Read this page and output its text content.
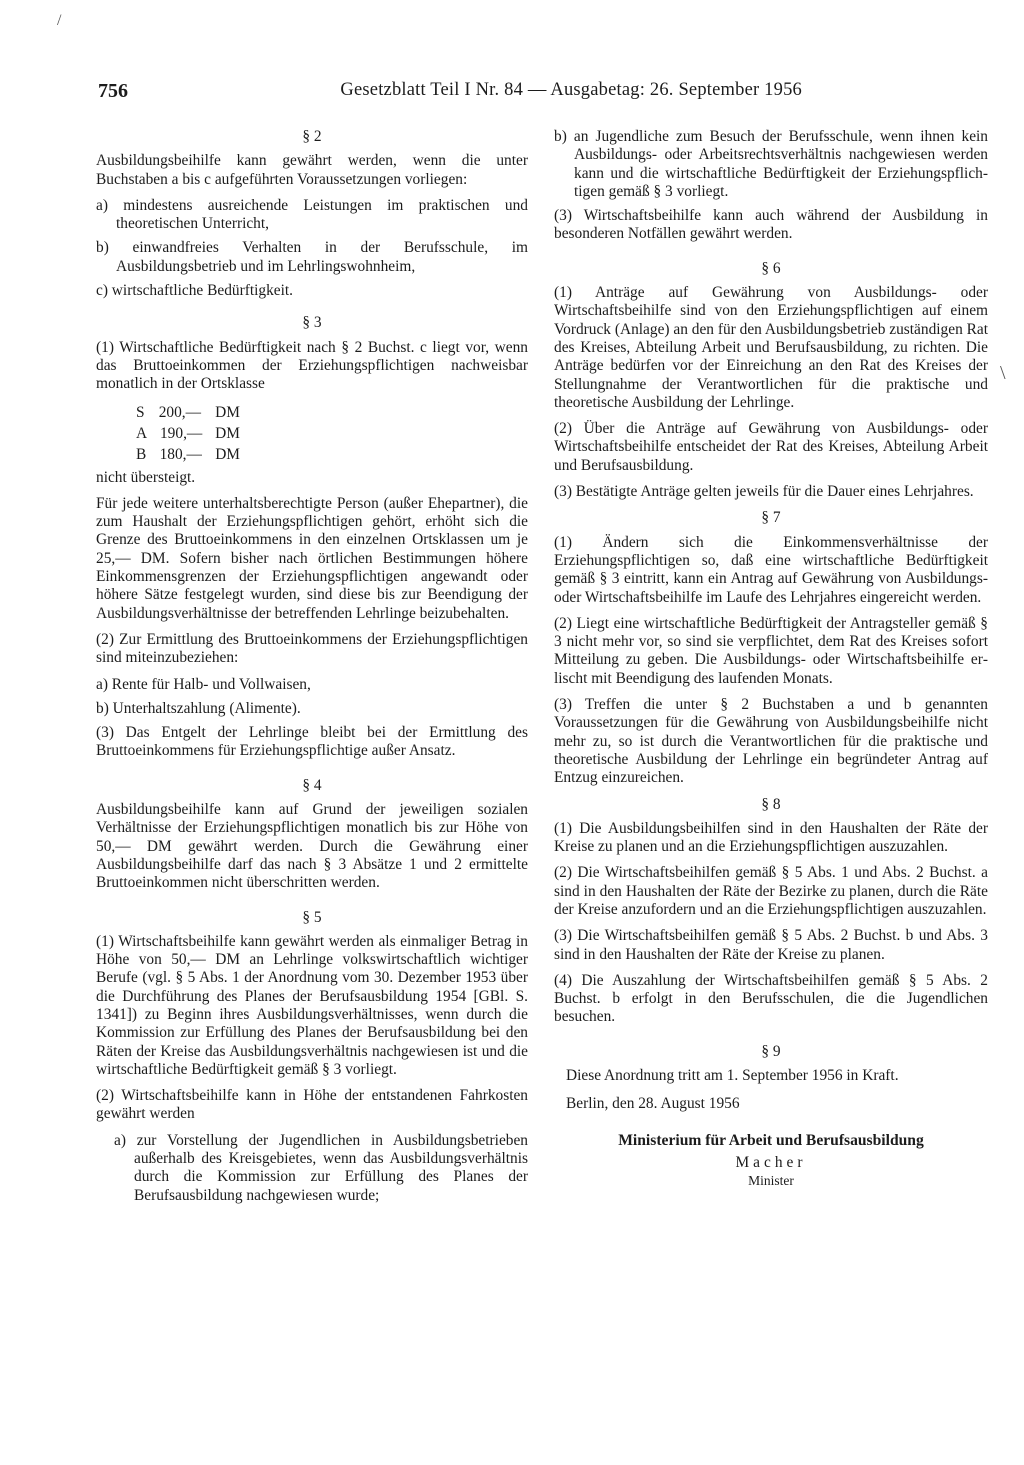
756	Gesetzblatt Teil I Nr. 84 — Ausgabetag: 26. September 1956
/
\
§ 2

Ausbildungsbeihilfe kann gewährt werden, wenn die unter Buchstaben a bis c aufgeführten Voraussetzungen vorliegen:

a) mindestens ausreichende Leistungen im praktischen und theoretischen Unterricht,
b) einwandfreies Verhalten in der Berufsschule, im Ausbildungsbetrieb und im Lehrlingswohnheim,
c) wirtschaftliche Bedürftigkeit.
§ 3

(1) Wirtschaftliche Bedürftigkeit nach § 2 Buchst. c liegt vor, wenn das Bruttoeinkommen der Erziehungspflichtigen nachweisbar monatlich in der Ortsklasse

S 200,— DM
A 190,— DM
B 180,— DM

nicht übersteigt.

Für jede weitere unterhaltsberechtigte Person (außer Ehepartner), die zum Haushalt der Erziehungspflichtigen gehört, erhöht sich die Grenze des Bruttoeinkommens in den einzelnen Ortsklassen um je 25,— DM. Sofern bisher nach örtlichen Bestimmungen höhere Einkommensgrenzen der Erziehungspflichtigen angewandt oder höhere Sätze festgelegt wurden, sind diese bis zur Beendigung der Ausbildungsverhältnisse der betreffenden Lehrlinge beizubehalten.

(2) Zur Ermittlung des Bruttoeinkommens der Erziehungspflichtigen sind miteinzubeziehen:

a) Rente für Halb- und Vollwaisen,
b) Unterhaltszahlung (Alimente).

(3) Das Entgelt der Lehrlinge bleibt bei der Ermittlung des Bruttoeinkommens für Erziehungspflichtige außer Ansatz.

§ 4

Ausbildungsbeihilfe kann auf Grund der jeweiligen sozialen Verhältnisse der Erziehungspflichtigen monatlich bis zur Höhe von 50,— DM gewährt werden. Durch die Gewährung einer Ausbildungsbeihilfe darf das nach § 3 Absätze 1 und 2 ermittelte Bruttoeinkommen nicht überschritten werden.

§ 5

(1) Wirtschaftsbeihilfe kann gewährt werden als einmaliger Betrag in Höhe von 50,— DM an Lehrlinge volkswirtschaftlich wichtiger Berufe (vgl. § 5 Abs. 1 der Anordnung vom 30. Dezember 1953 über die Durchführung des Planes der Berufsausbildung 1954 [GBl. S. 1341]) zu Beginn ihres Ausbildungsverhältnisses, wenn durch die Kommission zur Erfüllung des Planes der Berufsausbildung bei den Räten der Kreise das Ausbildungsverhältnis nachgewiesen ist und die wirtschaftliche Bedürftigkeit gemäß § 3 vorliegt.

(2) Wirtschaftsbeihilfe kann in Höhe der entstandenen Fahrkosten gewährt werden

a) zur Vorstellung der Jugendlichen in Ausbildungsbetrieben außerhalb des Kreisgebietes, wenn das Ausbildungsverhältnis durch die Kommission zur Erfüllung des Planes der Berufsausbildung nachgewiesen wurde;
b) an Jugendliche zum Besuch der Berufsschule, wenn ihnen kein Ausbildungs- oder Arbeitsrechtsverhältnis nachgewiesen werden kann und die wirtschaftliche Bedürftigkeit der Erziehungspflichtigen gemäß § 3 vorliegt.

(3) Wirtschaftsbeihilfe kann auch während der Ausbildung in besonderen Notfällen gewährt werden.

§ 6

(1) Anträge auf Gewährung von Ausbildungs- oder Wirtschaftsbeihilfe sind von den Erziehungspflichtigen auf einem Vordruck (Anlage) an den für den Ausbildungsbetrieb zuständigen Rat des Kreises, Abteilung Arbeit und Berufsausbildung, zu richten. Die Anträge bedürfen vor der Einreichung an den Rat des Kreises der Stellungnahme der Verantwortlichen für die praktische und theoretische Ausbildung der Lehrlinge.

(2) Über die Anträge auf Gewährung von Ausbildungs- oder Wirtschaftsbeihilfe entscheidet der Rat des Kreises, Abteilung Arbeit und Berufsausbildung.

(3) Bestätigte Anträge gelten jeweils für die Dauer eines Lehrjahres.

§ 7

(1) Ändern sich die Einkommensverhältnisse der Erziehungspflichtigen so, daß eine wirtschaftliche Bedürftigkeit gemäß § 3 eintritt, kann ein Antrag auf Gewährung von Ausbildungs- oder Wirtschaftsbeihilfe im Laufe des Lehrjahres eingereicht werden.

(2) Liegt eine wirtschaftliche Bedürftigkeit der Antragsteller gemäß § 3 nicht mehr vor, so sind sie verpflichtet, dem Rat des Kreises sofort Mitteilung zu geben. Die Ausbildungs- oder Wirtschaftsbeihilfe erlischt mit Beendigung des laufenden Monats.

(3) Treffen die unter § 2 Buchstaben a und b genannten Voraussetzungen für die Gewährung von Ausbildungsbeihilfe nicht mehr zu, so ist durch die Verantwortlichen für die praktische und theoretische Ausbildung der Lehrlinge ein begründeter Antrag auf Entzug einzureichen.

§ 8

(1) Die Ausbildungsbeihilfen sind in den Haushalten der Räte der Kreise zu planen und an die Erziehungspflichtigen auszuzahlen.

(2) Die Wirtschaftsbeihilfen gemäß § 5 Abs. 1 und Abs. 2 Buchst. a sind in den Haushalten der Räte der Bezirke zu planen, durch die Räte der Kreise anzufordern und an die Erziehungspflichtigen auszuzahlen.

(3) Die Wirtschaftsbeihilfen gemäß § 5 Abs. 2 Buchst. b und Abs. 3 sind in den Haushalten der Räte der Kreise zu planen.

(4) Die Auszahlung der Wirtschaftsbeihilfen gemäß § 5 Abs. 2 Buchst. b erfolgt in den Berufsschulen, die die Jugendlichen besuchen.

§ 9

Diese Anordnung tritt am 1. September 1956 in Kraft.

Berlin, den 28. August 1956

Ministerium für Arbeit und Berufsausbildung
Macher
Minister
